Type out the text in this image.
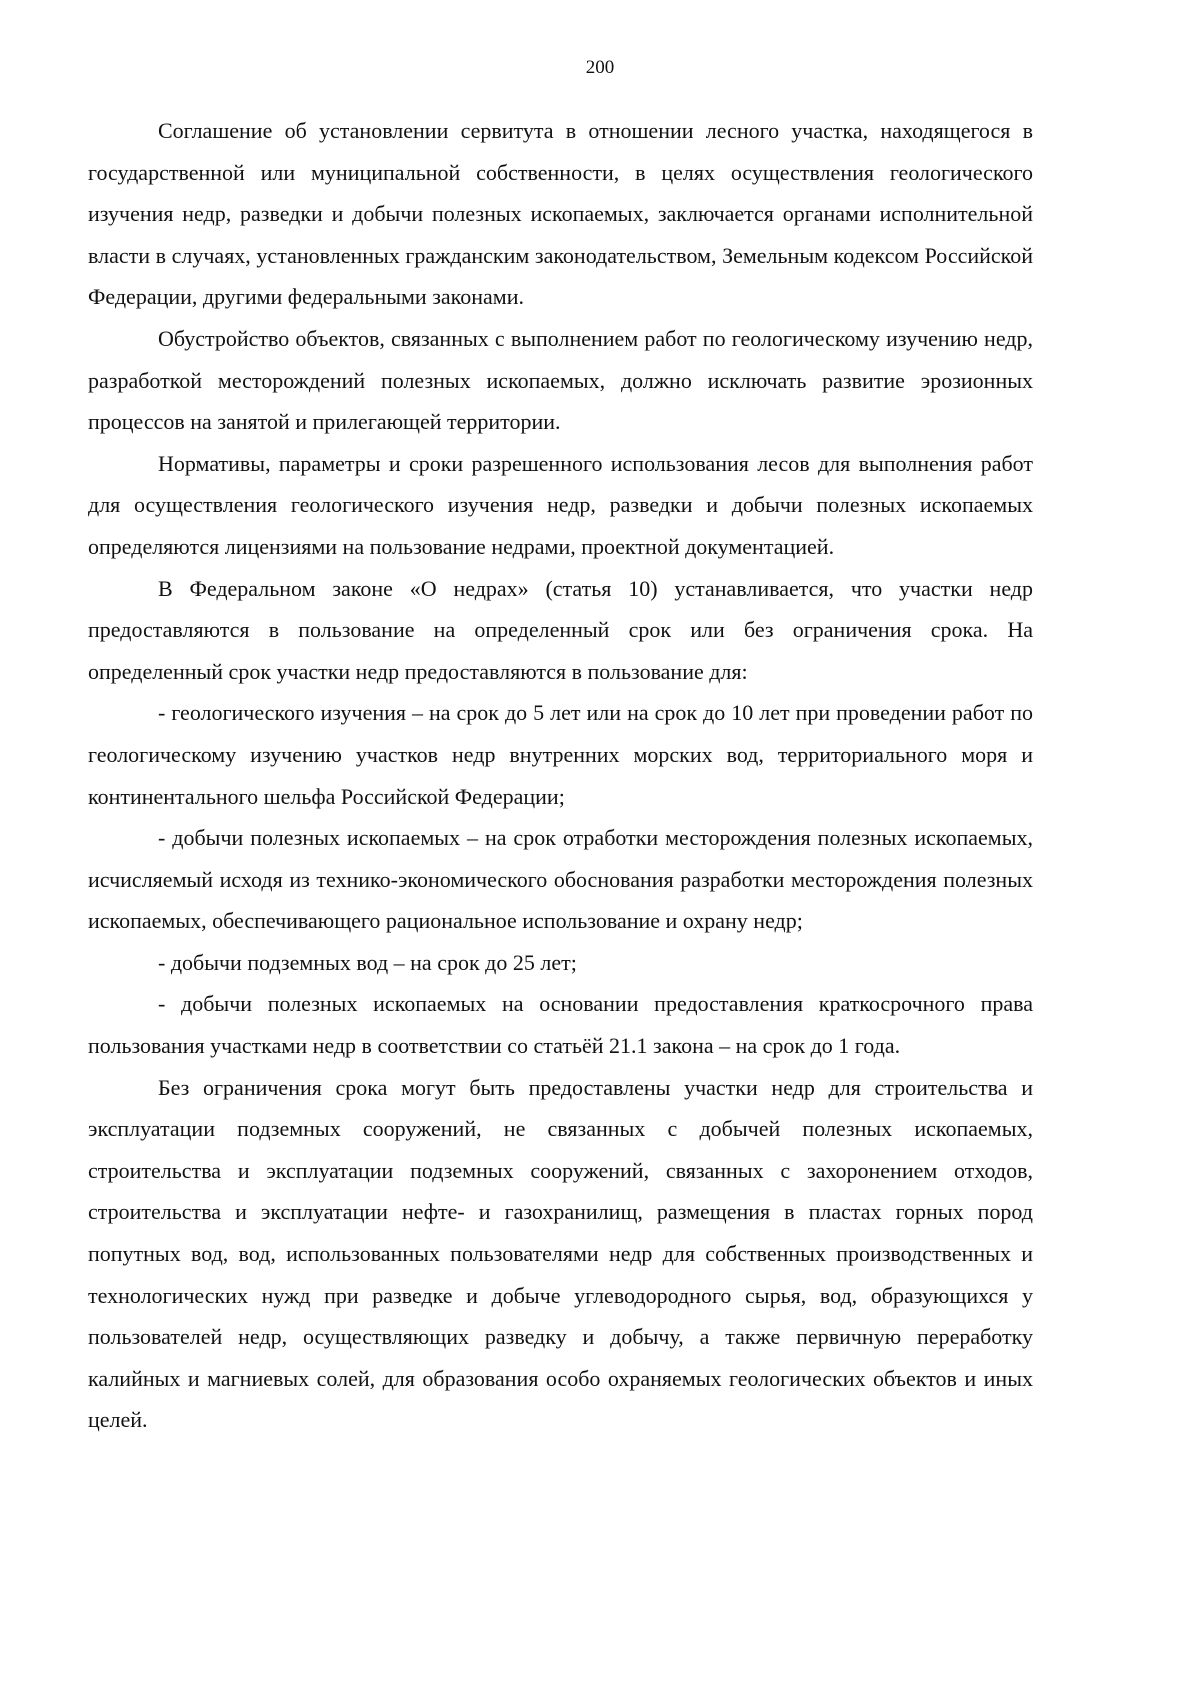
200

Соглашение об установлении сервитута в отношении лесного участка, находящегося в государственной или муниципальной собственности, в целях осуществления геологического изучения недр, разведки и добычи полезных ископаемых, заключается органами исполнительной власти в случаях, установленных гражданским законодательством, Земельным кодексом Российской Федерации, другими федеральными законами.

Обустройство объектов, связанных с выполнением работ по геологическому изучению недр, разработкой месторождений полезных ископаемых, должно исключать развитие эрозионных процессов на занятой и прилегающей территории.

Нормативы, параметры и сроки разрешенного использования лесов для выполнения работ для осуществления геологического изучения недр, разведки и добычи полезных ископаемых определяются лицензиями на пользование недрами, проектной документацией.

В Федеральном законе «О недрах» (статья 10) устанавливается, что участки недр предоставляются в пользование на определенный срок или без ограничения срока. На определенный срок участки недр предоставляются в пользование для:

- геологического изучения – на срок до 5 лет или на срок до 10 лет при проведении работ по геологическому изучению участков недр внутренних морских вод, территориального моря и континентального шельфа Российской Федерации;

- добычи полезных ископаемых – на срок отработки месторождения полезных ископаемых, исчисляемый исходя из технико-экономического обоснования разработки месторождения полезных ископаемых, обеспечивающего рациональное использование и охрану недр;

- добычи подземных вод – на срок до 25 лет;

- добычи полезных ископаемых на основании предоставления краткосрочного права пользования участками недр в соответствии со статьёй 21.1 закона – на срок до 1 года.

Без ограничения срока могут быть предоставлены участки недр для строительства и эксплуатации подземных сооружений, не связанных с добычей полезных ископаемых, строительства и эксплуатации подземных сооружений, связанных с захоронением отходов, строительства и эксплуатации нефте- и газохранилищ, размещения в пластах горных пород попутных вод, вод, использованных пользователями недр для собственных производственных и технологических нужд при разведке и добыче углеводородного сырья, вод, образующихся у пользователей недр, осуществляющих разведку и добычу, а также первичную переработку калийных и магниевых солей, для образования особо охраняемых геологических объектов и иных целей.
